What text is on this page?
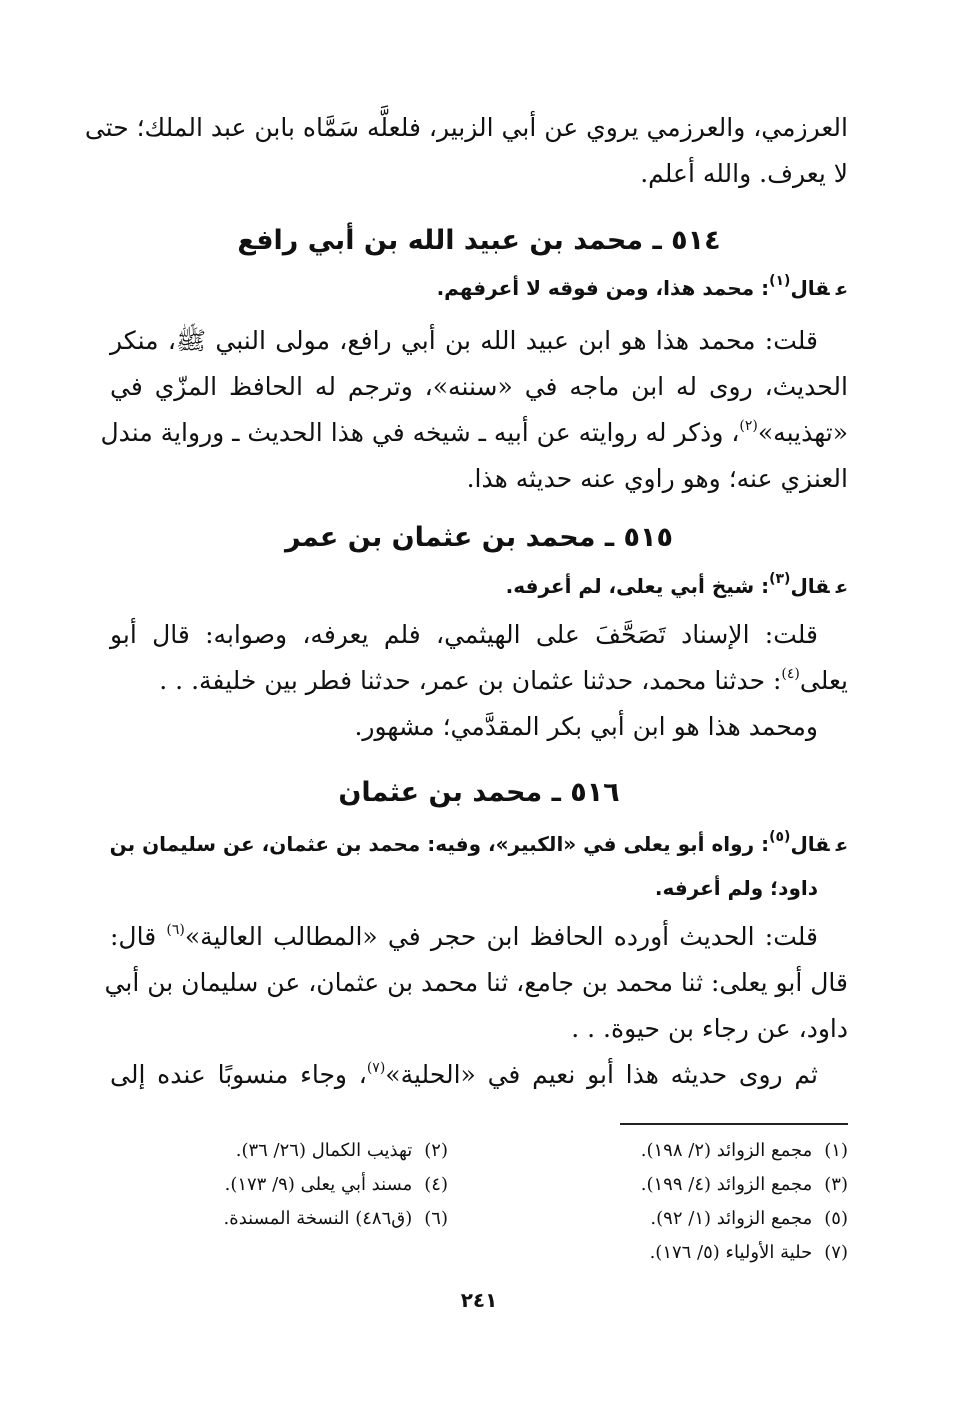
العرزمي، والعرزمي يروي عن أبي الزبير، فلعلَّه سَمَّاه بابن عبد الملك؛ حتى
لا يعرف. والله أعلم.
٥١٤ ـ محمد بن عبيد الله بن أبي رافع
عقال$^{(١)}$: محمد هذا، ومن فوقه لا أعرفهم.
قلت: محمد هذا هو ابن عبيد الله بن أبي رافع، مولى النبي ﷺ، منكر
الحديث، روى له ابن ماجه في «سننه»، وترجم له الحافظ المزّي في
«تهذيبه»$^{(٢)}$، وذكر له روايته عن أبيه ـ شيخه في هذا الحديث ـ ورواية مندل
العنزي عنه؛ وهو راوي عنه حديثه هذا.
٥١٥ ـ محمد بن عثمان بن عمر
عقال$^{(٣)}$: شيخ أبي يعلى، لم أعرفه.
قلت: الإسناد تَصَحَّفَ على الهيثمي، فلم يعرفه، وصوابه: قال أبو
يعلى$^{(٤)}$: حدثنا محمد، حدثنا عثمان بن عمر، حدثنا فطر بين خليفة. . .
ومحمد هذا هو ابن أبي بكر المقدَّمي؛ مشهور.
٥١٦ ـ محمد بن عثمان
عقال$^{(٥)}$: رواه أبو يعلى في «الكبير»، وفيه: محمد بن عثمان، عن سليمان بن
داود؛ ولم أعرفه.
قلت: الحديث أورده الحافظ ابن حجر في «المطالب العالية»$^{(٦)}$ قال:
قال أبو يعلى: ثنا محمد بن جامع، ثنا محمد بن عثمان، عن سليمان بن أبي
داود، عن رجاء بن حيوة. . .
ثم روى حديثه هذا أبو نعيم في «الحلية»$^{(٧)}$، وجاء منسوبًا عنده إلى
(١)مجمع الزوائد (٢/ ١٩٨).
(٣)مجمع الزوائد (٤/ ١٩٩).
(٥)مجمع الزوائد (١/ ٩٢).
(٧)حلية الأولياء (٥/ ١٧٦).
(٢)تهذيب الكمال (٢٦/ ٣٦).
(٤)مسند أبي يعلى (٩/ ١٧٣).
(٦)(ق٤٨٦) النسخة المسندة.
٢٤١
